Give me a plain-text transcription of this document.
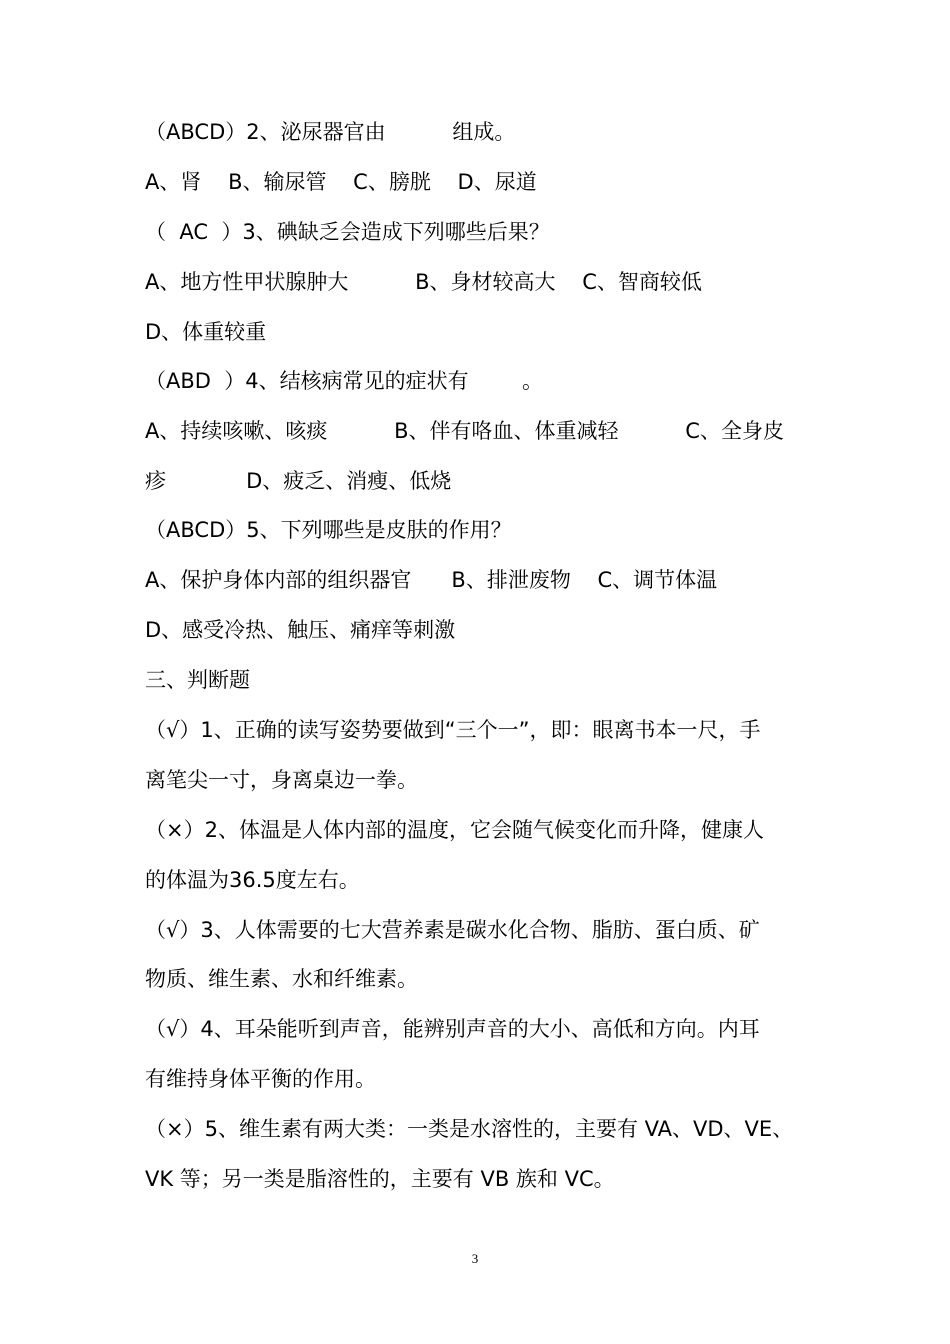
（ABCD）2、泌尿器官由          组成。
A、肾    B、输尿管    C、膀胱    D、尿道
（  AC  ）3、碘缺乏会造成下列哪些后果？
A、地方性甲状腺肿大          B、身材较高大    C、智商较低
D、体重较重
（ABD  ）4、结核病常见的症状有        。
A、持续咳嗽、咳痰          B、伴有咯血、体重减轻          C、全身皮
疹            D、疲乏、消瘦、低烧
（ABCD）5、下列哪些是皮肤的作用？
A、保护身体内部的组织器官      B、排泄废物    C、调节体温
D、感受冷热、触压、痛痒等刺激
三、判断题
（√）1、正确的读写姿势要做到“三个一”，即：眼离书本一尺，手
离笔尖一寸，身离桌边一拳。
（×）2、体温是人体内部的温度，它会随气候变化而升降，健康人
的体温为36.5度左右。
（√）3、人体需要的七大营养素是碳水化合物、脂肪、蛋白质、矿
物质、维生素、水和纤维素。
（√）4、耳朵能听到声音，能辨别声音的大小、高低和方向。内耳
有维持身体平衡的作用。
（×）5、维生素有两大类：一类是水溶性的，主要有 VA、VD、VE、
VK 等；另一类是脂溶性的，主要有 VB 族和 VC。
3
